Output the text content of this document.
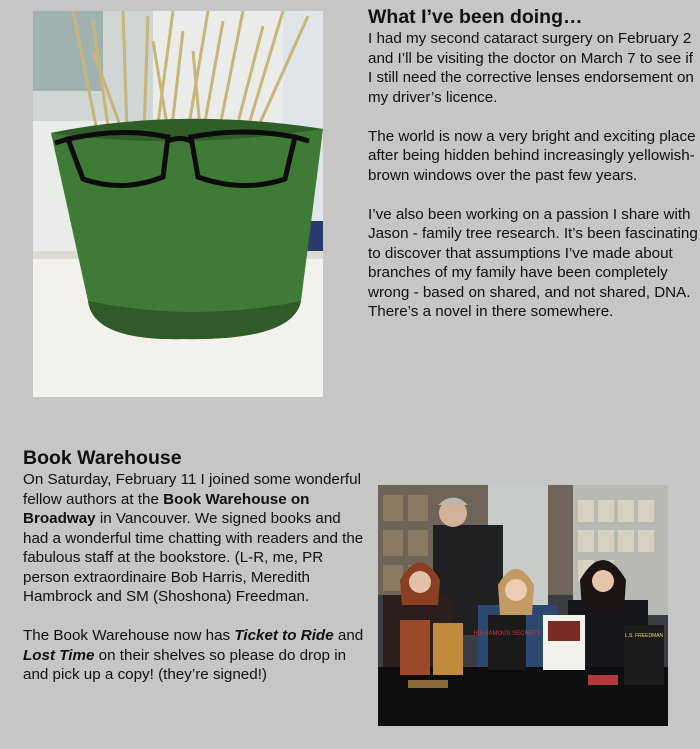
What I’ve been doing…

I had my second cataract surgery on February 2 and I’ll be visiting the doctor on March 7 to see if I still need the corrective lenses endorsement on my driver’s licence.

The world is now a very bright and exciting place after being hidden behind increasingly yellowish-brown windows over the past few years.

I’ve also been working on a passion I share with Jason - family tree research. It’s been fascinating to discover that assumptions I’ve made about branches of my family have been completely wrong - based on shared, and not shared, DNA. There’s a novel in there somewhere.

Book Warehouse

On Saturday, February 11 I joined some wonderful fellow authors at the Book Warehouse on Broadway in Vancouver. We signed books and had a wonderful time chatting with readers and the fabulous staff at the bookstore. (L-R, me, PR person extraordinaire Bob Harris, Meredith Hambrock and SM (Shoshona) Freedman.

The Book Warehouse now has Ticket to Ride and Lost Time on their shelves so please do drop in and pick up a copy! (they’re signed!)

HIS FAMOUS SECRETS	L.S. FREEDMAN
